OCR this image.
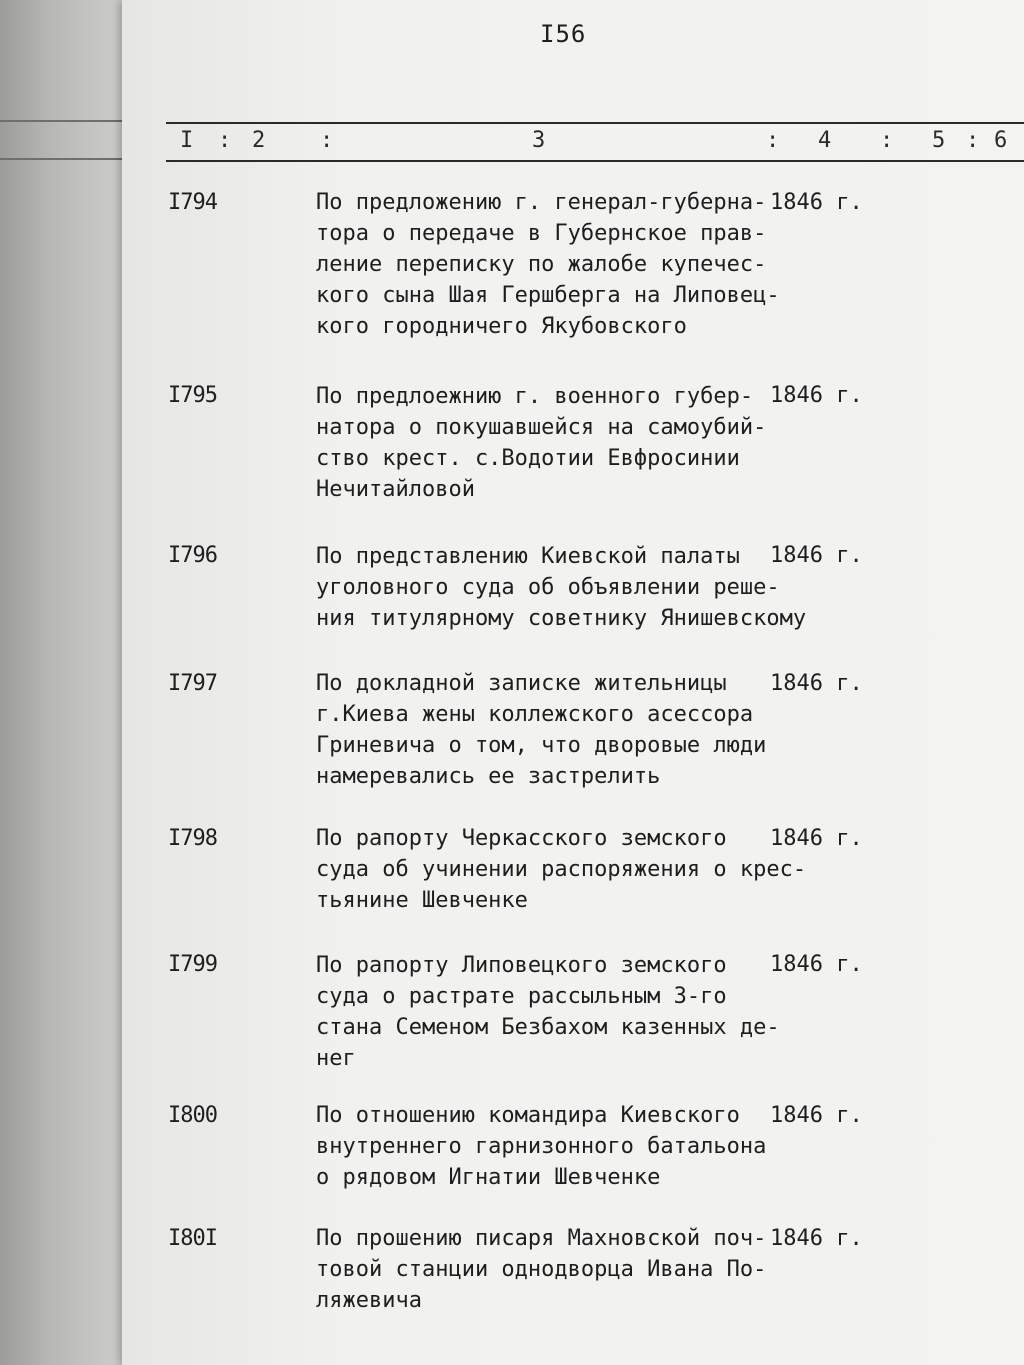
I56
I : 2 :	3	: 4 : 5 : 6
I794	По предложению г. генерал-губерна-
тора о передаче в Губернское прав-
ление переписку по жалобе купечес-
кого сына Шая Гершберга на Липовец-
кого городничего Якубовского

1846 г.
I795	По предлоежнию г. военного губер-
натора о покушавшейся на самоубий-
ство крест. с.Водотии Евфросинии
Нечитайловой

1846 г.
I796	По представлению Киевской палаты
уголовного суда об объявлении реше-
ния титулярному советнику Янишевскому

1846 г.
I797	По докладной записке жительницы
г.Киева жены коллежского асессора
Гриневича о том, что дворовые люди
намеревались ее застрелить

1846 г.
I798	По рапорту Черкасского земского
суда об учинении распоряжения о крес-
тьянине Шевченке

1846 г.
I799	По рапорту Липовецкого земского
суда о растрате рассыльным 3-го
стана Семеном Безбахом казенных де-
нег

1846 г.
I800	По отношению командира Киевского
внутреннего гарнизонного батальона
о рядовом Игнатии Шевченке

1846 г.
I80I	По прошению писаря Махновской поч-
товой станции однодворца Ивана По-
ляжевича

1846 г.
